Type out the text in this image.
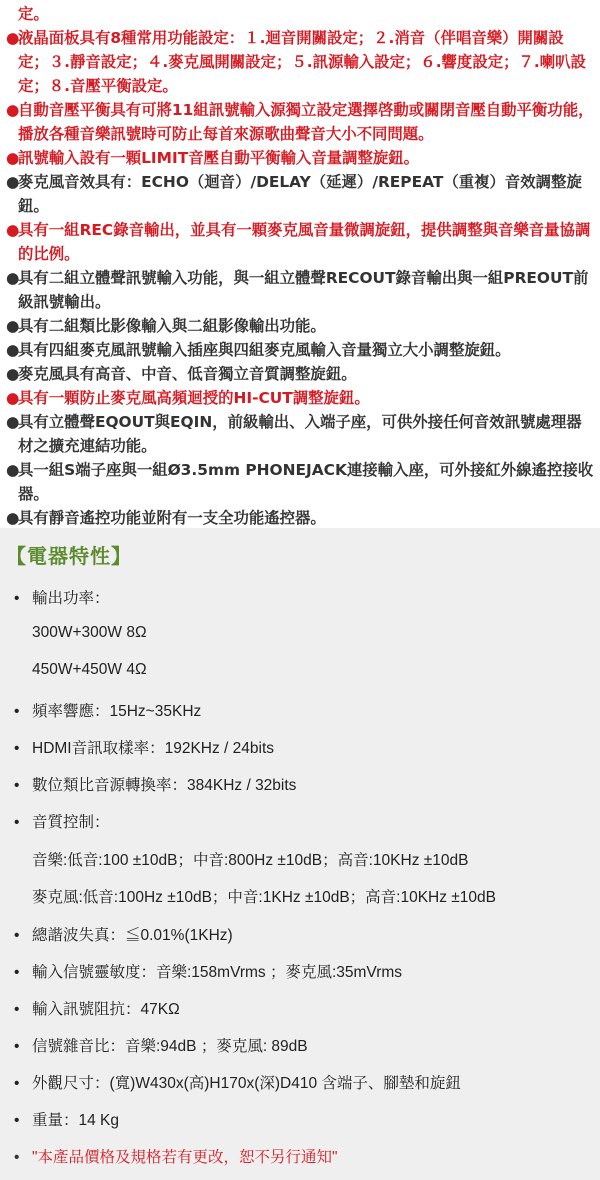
定。
●
液晶面板具有8種常用功能設定：１.迴音開關設定；２.消音（伴唱音樂）開關設定；３.靜音設定；４.麥克風開關設定；５.訊源輸入設定；６.響度設定；７.喇叭設定；８.音壓平衡設定。
●
自動音壓平衡具有可將11組訊號輸入源獨立設定選擇啓動或關閉音壓自動平衡功能，播放各種音樂訊號時可防止每首來源歌曲聲音大小不同問題。
●
訊號輸入設有一顆LIMIT音壓自動平衡輸入音量調整旋鈕。
●
麥克風音效具有：ECHO（迴音）/DELAY（延遲）/REPEAT（重複）音效調整旋鈕。
●
具有一組REC錄音輸出，並具有一顆麥克風音量微調旋鈕，提供調整與音樂音量協調的比例。
●
具有二組立體聲訊號輸入功能，與一組立體聲RECOUT錄音輸出與一組PREOUT前級訊號輸出。
●
具有二組類比影像輸入與二組影像輸出功能。
●
具有四組麥克風訊號輸入插座與四組麥克風輸入音量獨立大小調整旋鈕。
●
麥克風具有高音、中音、低音獨立音質調整旋鈕。
●
具有一顆防止麥克風高頻迴授的HI-CUT調整旋鈕。
●
具有立體聲EQOUT與EQIN，前級輸出、入端子座，可供外接任何音效訊號處理器材之擴充連結功能。
●
具一組S端子座與一組Ø3.5mm PHONEJACK連接輸入座，可外接紅外線遙控接收器。
●
具有靜音遙控功能並附有一支全功能遙控器。
【電器特性】
• 輸出功率：
300W+300W 8Ω
450W+450W 4Ω
• 頻率響應：15Hz~35KHz
• HDMI音訊取樣率：192KHz / 24bits
• 數位類比音源轉換率：384KHz / 32bits
• 音質控制：
音樂:低音:100 ±10dB；中音:800Hz ±10dB；高音:10KHz ±10dB
麥克風:低音:100Hz ±10dB；中音:1KHz ±10dB；高音:10KHz ±10dB
• 總諧波失真：≦0.01%(1KHz)
• 輸入信號靈敏度：音樂:158mVrms ；麥克風:35mVrms
• 輸入訊號阻抗：47KΩ
• 信號雜音比：音樂:94dB ；麥克風: 89dB
• 外觀尺寸：(寬)W430x(高)H170x(深)D410 含端子、腳墊和旋鈕
• 重量：14 Kg
• "本產品價格及規格若有更改，恕不另行通知"
